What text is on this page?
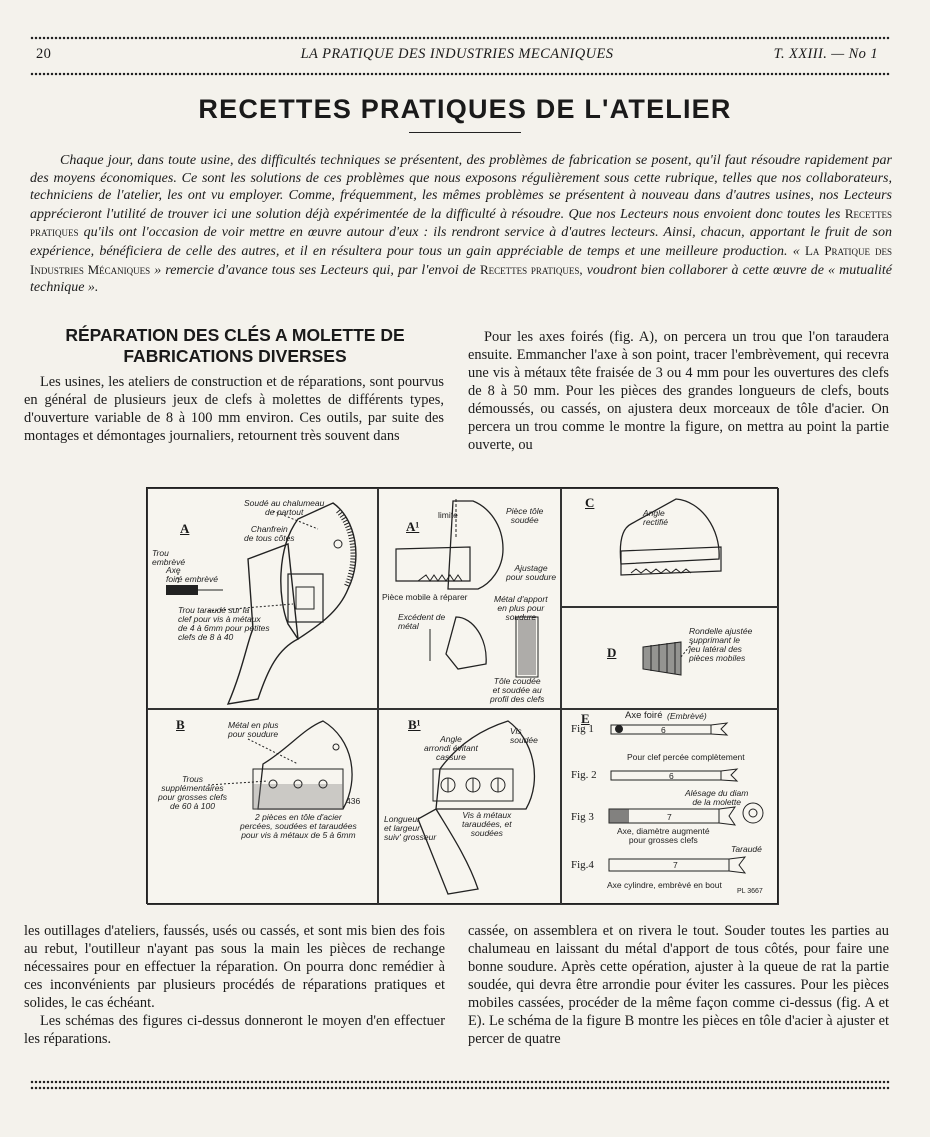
20	LA PRATIQUE DES INDUSTRIES MECANIQUES	T. XXIII. — No 1
RECETTES PRATIQUES DE L'ATELIER

Chaque jour, dans toute usine, des difficultés techniques se présentent, des problèmes de fabrication se posent, qu'il faut résoudre rapidement par des moyens économiques. Ce sont les solutions de ces problèmes que nous exposons régulièrement sous cette rubrique, telles que nos collaborateurs, techniciens de l'atelier, les ont vu employer. Comme, fréquemment, les mêmes problèmes se présentent à nouveau dans d'autres usines, nos Lecteurs apprécieront l'utilité de trouver ici une solution déjà expérimentée de la difficulté à résoudre. Que nos Lecteurs nous envoient donc toutes les Recettes pratiques qu'ils ont l'occasion de voir mettre en œuvre autour d'eux : ils rendront service à d'autres lecteurs. Ainsi, chacun, apportant le fruit de son expérience, bénéficiera de celle des autres, et il en résultera pour tous un gain appréciable de temps et une meilleure production. « La Pratique des Industries Mécaniques » remercie d'avance tous ses Lecteurs qui, par l'envoi de Recettes pratiques, voudront bien collaborer à cette œuvre de « mutualité technique ».

RÉPARATION DES CLÉS A MOLETTE DE FABRICATIONS DIVERSES

Les usines, les ateliers de construction et de réparations, sont pourvus en général de plusieurs jeux de clefs à molettes de différents types, d'ouverture variable de 8 à 100 mm environ. Ces outils, par suite des montages et démontages journaliers, retournent très souvent dans

Pour les axes foirés (fig. A), on percera un trou que l'on taraudera ensuite. Emmancher l'axe à son point, tracer l'embrèvement, qui recevra une vis à métaux tête fraisée de 3 ou 4 mm pour les ouvertures des clefs de 8 à 50 mm. Pour les pièces des grandes longueurs de clefs, bouts démoussés, ou cassés, on ajustera deux morceaux de tôle d'acier. On percera un trou comme le montre la figure, on mettra au point la partie ouverte, ou

A
Soudé au chalumeau
de partout
Chanfrein
de tous côtés
Trou
embrèvé
Axe
foiré embrèvé
Trou taraudé sur la
clef pour vis à métaux
de 4 à 6mm pour petites
clefs de 8 à 40
A¹
limite	Pièce tôle
soudée
Ajustage
pour soudure
Pièce mobile à réparer	Métal d'apport
en plus pour
soudure
Excédent de
métal
Tôle coudée
et soudée au
profil des clefs
C
Angle
rectifié
D
Rondelle ajustée
supprimant le
jeu latéral des
pièces mobiles
B	Métal en plus
pour soudure
Trous
supplémentaires
pour grosses clefs
de 60 à 100
2 pièces en tôle d'acier
percées, soudées et taraudées
pour vis à métaux de 5 à 6mm
436
B¹
Angle
arrondi évitant
cassure
Vis
soudée
Vis à métaux
taraudées, et
soudées
Longueur
et largeur
suiv' grosseur
E	Axe foiré (Embrèvé)
Fig 1	6
Pour clef percée complètement
Fig. 2	6
Alésage du diam
de la molette
Fig 3	7
Axe, diamètre augmenté
pour grosses clefs
Taraudé
Fig.4	7
Axe cylindre, embrèvé en bout
PL 3667

les outillages d'ateliers, faussés, usés ou cassés, et sont mis bien des fois au rebut, l'outilleur n'ayant pas sous la main les pièces de rechange nécessaires pour en effectuer la réparation. On pourra donc remédier à ces inconvénients par plusieurs procédés de réparations pratiques et solides, le cas échéant.

Les schémas des figures ci-dessus donneront le moyen d'en effectuer les réparations.

cassée, on assemblera et on rivera le tout. Souder toutes les parties au chalumeau en laissant du métal d'apport de tous côtés, pour faire une bonne soudure. Après cette opération, ajuster à la queue de rat la partie soudée, qui devra être arrondie pour éviter les cassures. Pour les pièces mobiles cassées, procéder de la même façon comme ci-dessus (fig. A et E). Le schéma de la figure B montre les pièces en tôle d'acier à ajuster et percer de quatre
